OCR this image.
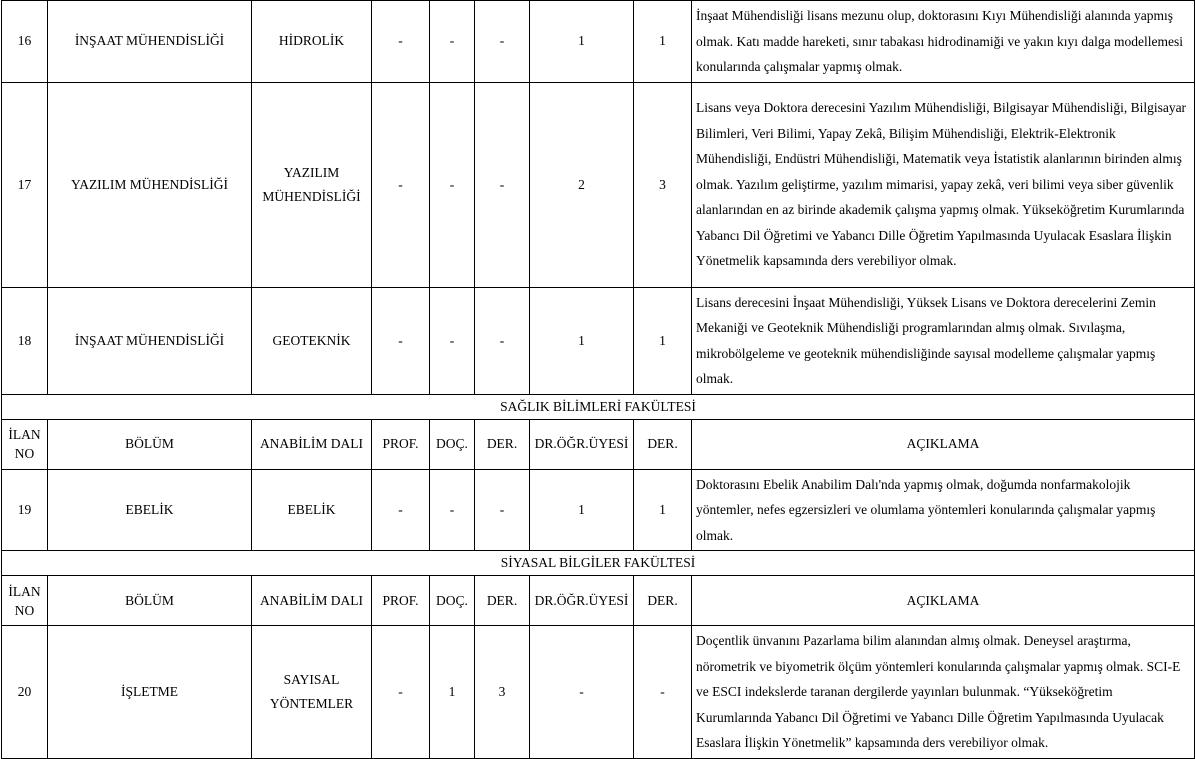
16	İNŞAAT MÜHENDİSLİĞİ	HİDROLİK	-	-	-	1	1	İnşaat Mühendisliği lisans mezunu olup, doktorasını Kıyı Mühendisliği alanında yapmış olmak. Katı madde hareketi, sınır tabakası hidrodinamiği ve yakın kıyı dalga modellemesi konularında çalışmalar yapmış olmak.
17	YAZILIM MÜHENDİSLİĞİ	YAZILIM MÜHENDİSLİĞİ	-	-	-	2	3	Lisans veya Doktora derecesini Yazılım Mühendisliği, Bilgisayar Mühendisliği, Bilgisayar Bilimleri, Veri Bilimi, Yapay Zekâ, Bilişim Mühendisliği, Elektrik-Elektronik Mühendisliği, Endüstri Mühendisliği, Matematik veya İstatistik alanlarının birinden almış olmak. Yazılım geliştirme, yazılım mimarisi, yapay zekâ, veri bilimi veya siber güvenlik alanlarından en az birinde akademik çalışma yapmış olmak. Yükseköğretim Kurumlarında Yabancı Dil Öğretimi ve Yabancı Dille Öğretim Yapılmasında Uyulacak Esaslara İlişkin Yönetmelik kapsamında ders verebiliyor olmak.
18	İNŞAAT MÜHENDİSLİĞİ	GEOTEKNİK	-	-	-	1	1	Lisans derecesini İnşaat Mühendisliği, Yüksek Lisans ve Doktora derecelerini Zemin Mekaniği ve Geoteknik Mühendisliği programlarından almış olmak. Sıvılaşma, mikrobölgeleme ve geoteknik mühendisliğinde sayısal modelleme çalışmalar yapmış olmak.
SAĞLIK BİLİMLERİ FAKÜLTESİ								
İLAN NO	BÖLÜM	ANABİLİM DALI	PROF.	DOÇ.	DER.	DR.ÖĞR.ÜYESİ	DER.	AÇIKLAMA
19	EBELİK	EBELİK	-	-	-	1	1	Doktorasını Ebelik Anabilim Dalı'nda yapmış olmak, doğumda nonfarmakolojik yöntemler, nefes egzersizleri ve olumlama yöntemleri konularında çalışmalar yapmış olmak.
SİYASAL BİLGİLER FAKÜLTESİ								
İLAN NO	BÖLÜM	ANABİLİM DALI	PROF.	DOÇ.	DER.	DR.ÖĞR.ÜYESİ	DER.	AÇIKLAMA
20	İŞLETME	SAYISAL YÖNTEMLER	-	1	3	-	-	Doçentlik ünvanını Pazarlama bilim alanından almış olmak. Deneysel araştırma, nörometrik ve biyometrik ölçüm yöntemleri konularında çalışmalar yapmış olmak. SCI-E ve ESCI indekslerde taranan dergilerde yayınları bulunmak. “Yükseköğretim Kurumlarında Yabancı Dil Öğretimi ve Yabancı Dille Öğretim Yapılmasında Uyulacak Esaslara İlişkin Yönetmelik” kapsamında ders verebiliyor olmak.
